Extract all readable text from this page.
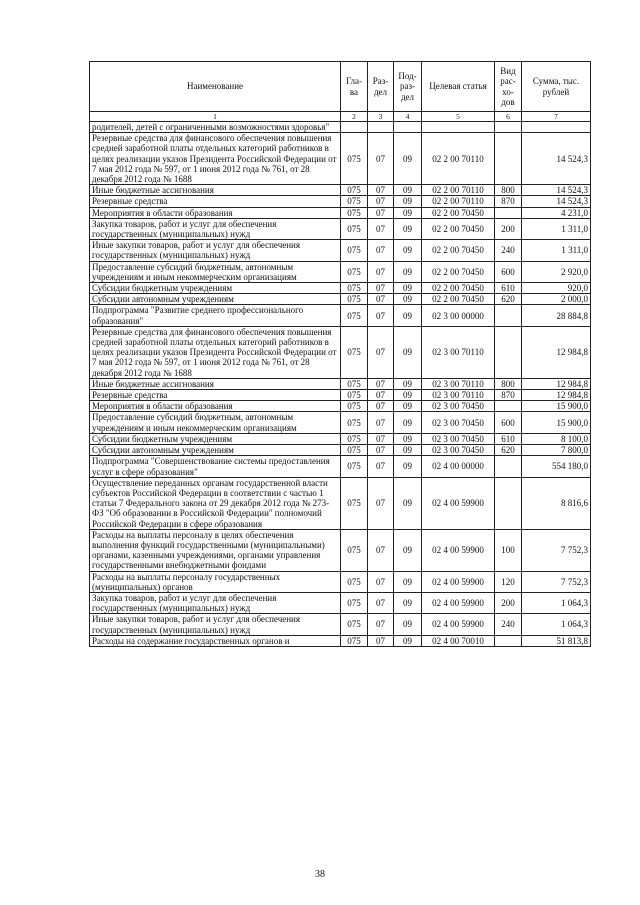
Наименование	Гла-ва	Раз-дел	Под-раз-дел	Целевая статья	Вид рас-хо-дов	Сумма, тыс. рублей
1	2	3	4	5	6	7
родителей, детей с ограниченными возможностями здоровья"						
Резервные средства для финансового обеспечения повышения средней заработной платы отдельных категорий работников в целях реализации указов Президента Российской Федерации от 7 мая 2012 года № 597, от 1 июня 2012 года № 761, от 28 декабря 2012 года № 1688	075	07	09	02 2 00 70110		14 524,3
Иные бюджетные ассигнования	075	07	09	02 2 00 70110	800	14 524,3
Резервные средства	075	07	09	02 2 00 70110	870	14 524,3
Мероприятия в области образования	075	07	09	02 2 00 70450		4 231,0
Закупка товаров, работ и услуг для обеспечения государственных (муниципальных) нужд	075	07	09	02 2 00 70450	200	1 311,0
Иные закупки товаров, работ и услуг для обеспечения государственных (муниципальных) нужд	075	07	09	02 2 00 70450	240	1 311,0
Предоставление субсидий бюджетным, автономным учреждениям и иным некоммерческим организациям	075	07	09	02 2 00 70450	600	2 920,0
Субсидии бюджетным учреждениям	075	07	09	02 2 00 70450	610	920,0
Субсидии автономным учреждениям	075	07	09	02 2 00 70450	620	2 000,0
Подпрограмма "Развитие среднего профессионального образования"	075	07	09	02 3 00 00000		28 884,8
Резервные средства для финансового обеспечения повышения средней заработной платы отдельных категорий работников в целях реализации указов Президента Российской Федерации от 7 мая 2012 года № 597, от 1 июня 2012 года № 761, от 28 декабря 2012 года № 1688	075	07	09	02 3 00 70110		12 984,8
Иные бюджетные ассигнования	075	07	09	02 3 00 70110	800	12 984,8
Резервные средства	075	07	09	02 3 00 70110	870	12 984,8
Мероприятия в области образования	075	07	09	02 3 00 70450		15 900,0
Предоставление субсидий бюджетным, автономным учреждениям и иным некоммерческим организациям	075	07	09	02 3 00 70450	600	15 900,0
Субсидии бюджетным учреждениям	075	07	09	02 3 00 70450	610	8 100,0
Субсидии автономным учреждениям	075	07	09	02 3 00 70450	620	7 800,0
Подпрограмма "Совершенствование системы предоставления услуг в сфере образования"	075	07	09	02 4 00 00000		554 180,0
Осуществление переданных органам государственной власти субъектов Российской Федерации в соответствии с частью 1 статьи 7 Федерального закона от 29 декабря 2012 года № 273-ФЗ "Об образовании в Российской Федерации" полномочий Российской Федерации в сфере образования	075	07	09	02 4 00 59900		8 816,6
Расходы на выплаты персоналу в целях обеспечения выполнения функций государственными (муниципальными) органами, казенными учреждениями, органами управления государственными внебюджетными фондами	075	07	09	02 4 00 59900	100	7 752,3
Расходы на выплаты персоналу государственных (муниципальных) органов	075	07	09	02 4 00 59900	120	7 752,3
Закупка товаров, работ и услуг для обеспечения государственных (муниципальных) нужд	075	07	09	02 4 00 59900	200	1 064,3
Иные закупки товаров, работ и услуг для обеспечения государственных (муниципальных) нужд	075	07	09	02 4 00 59900	240	1 064,3
Расходы на содержание государственных органов и	075	07	09	02 4 00 70010		51 813,8
38
